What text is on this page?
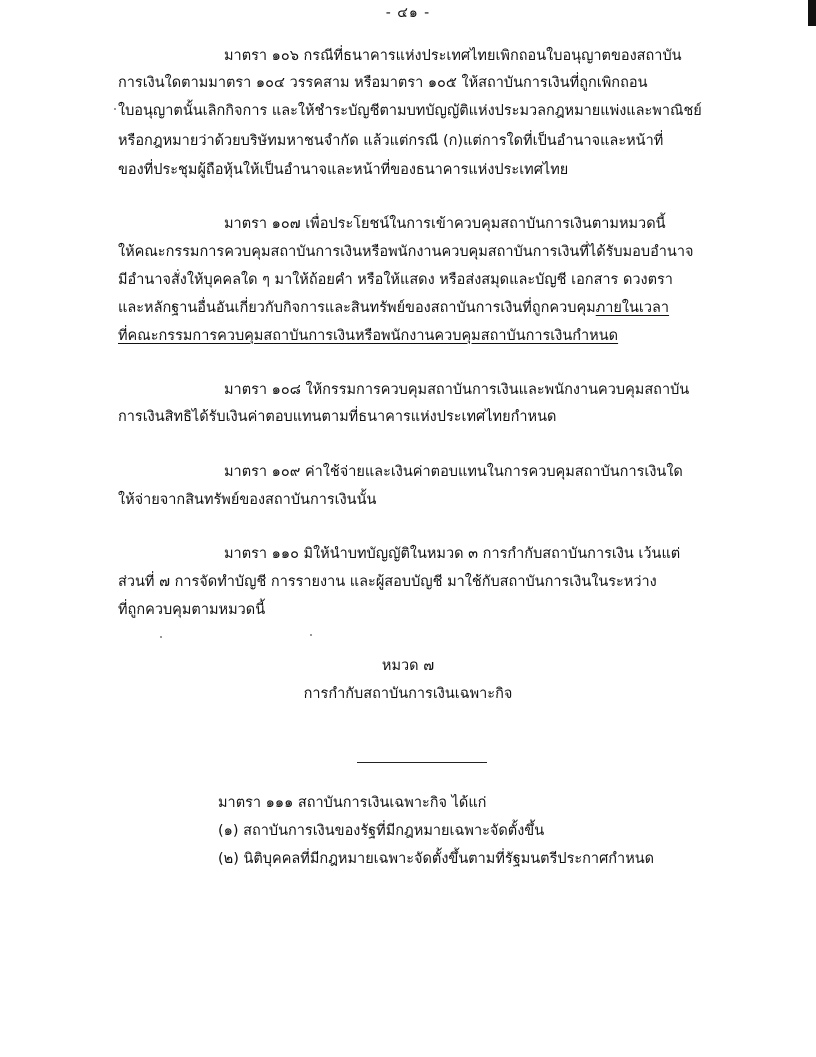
- ๔๑ -
มาตรา ๑๐๖ กรณีที่ธนาคารแห่งประเทศไทยเพิกถอนใบอนุญาตของสถาบัน
การเงินใดตามมาตรา ๑๐๔ วรรคสาม หรือมาตรา ๑๐๕ ให้สถาบันการเงินที่ถูกเพิกถอน
ใบอนุญาตนั้นเลิกกิจการ และให้ชำระบัญชีตามบทบัญญัติแห่งประมวลกฎหมายแพ่งและพาณิชย์
หรือกฎหมายว่าด้วยบริษัทมหาชนจำกัด แล้วแต่กรณี (ก)แต่การใดที่เป็นอำนาจและหน้าที่
ของที่ประชุมผู้ถือหุ้นให้เป็นอำนาจและหน้าที่ของธนาคารแห่งประเทศไทย
มาตรา ๑๐๗ เพื่อประโยชน์ในการเข้าควบคุมสถาบันการเงินตามหมวดนี้
ให้คณะกรรมการควบคุมสถาบันการเงินหรือพนักงานควบคุมสถาบันการเงินที่ได้รับมอบอำนาจ
มีอำนาจสั่งให้บุคคลใด ๆ มาให้ถ้อยคำ หรือให้แสดง หรือส่งสมุดและบัญชี เอกสาร ดวงตรา
และหลักฐานอื่นอันเกี่ยวกับกิจการและสินทรัพย์ของสถาบันการเงินที่ถูกควบคุมภายในเวลา
ที่คณะกรรมการควบคุมสถาบันการเงินหรือพนักงานควบคุมสถาบันการเงินกำหนด
มาตรา ๑๐๘ ให้กรรมการควบคุมสถาบันการเงินและพนักงานควบคุมสถาบัน
การเงินสิทธิได้รับเงินค่าตอบแทนตามที่ธนาคารแห่งประเทศไทยกำหนด
มาตรา ๑๐๙ ค่าใช้จ่ายและเงินค่าตอบแทนในการควบคุมสถาบันการเงินใด
ให้จ่ายจากสินทรัพย์ของสถาบันการเงินนั้น
มาตรา ๑๑๐ มิให้นำบทบัญญัติในหมวด ๓ การกำกับสถาบันการเงิน เว้นแต่
ส่วนที่ ๗ การจัดทำบัญชี การรายงาน และผู้สอบบัญชี มาใช้กับสถาบันการเงินในระหว่าง
ที่ถูกควบคุมตามหมวดนี้
หมวด ๗
การกำกับสถาบันการเงินเฉพาะกิจ
มาตรา ๑๑๑ สถาบันการเงินเฉพาะกิจ ได้แก่
(๑) สถาบันการเงินของรัฐที่มีกฎหมายเฉพาะจัดตั้งขึ้น
(๒) นิติบุคคลที่มีกฎหมายเฉพาะจัดตั้งขึ้นตามที่รัฐมนตรีประกาศกำหนด
